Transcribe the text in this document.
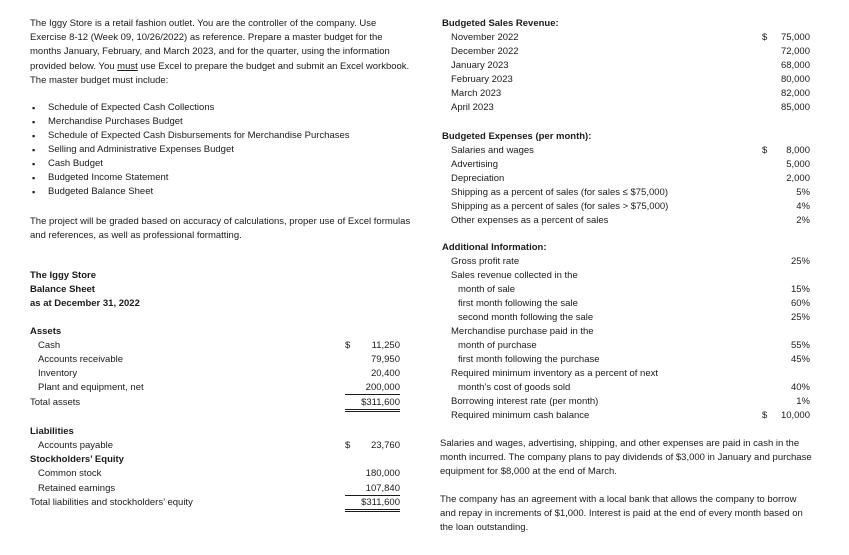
The Iggy Store is a retail fashion outlet. You are the controller of the company. Use Exercise 8-12 (Week 09, 10/26/2022) as reference. Prepare a master budget for the months January, February, and March 2023, and for the quarter, using the information provided below. You must use Excel to prepare the budget and submit an Excel workbook. The master budget must include:
▪ Schedule of Expected Cash Collections
▪ Merchandise Purchases Budget
▪ Schedule of Expected Cash Disbursements for Merchandise Purchases
▪ Selling and Administrative Expenses Budget
▪ Cash Budget
▪ Budgeted Income Statement
▪ Budgeted Balance Sheet
The project will be graded based on accuracy of calculations, proper use of Excel formulas and references, as well as professional formatting.
The Iggy Store
Balance Sheet
as at December 31, 2022
Assets
Cash	$ 11,250
Accounts receivable	79,950
Inventory	20,400
Plant and equipment, net	200,000
Total assets	$311,600
Liabilities
Accounts payable	$ 23,760
Stockholders’ Equity
Common stock	180,000
Retained earnings	107,840
Total liabilities and stockholders’ equity	$311,600
Budgeted Sales Revenue:
November 2022	$ 75,000
December 2022	72,000
January 2023	68,000
February 2023	80,000
March 2023	82,000
April 2023	85,000
Budgeted Expenses (per month):
Salaries and wages	$ 8,000
Advertising	5,000
Depreciation	2,000
Shipping as a percent of sales (for sales ≤ $75,000)	5%
Shipping as a percent of sales (for sales > $75,000)	4%
Other expenses as a percent of sales	2%
Additional Information:
Gross profit rate	25%
Sales revenue collected in the
month of sale	15%
first month following the sale	60%
second month following the sale	25%
Merchandise purchase paid in the
month of purchase	55%
first month following the purchase	45%
Required minimum inventory as a percent of next
month’s cost of goods sold	40%
Borrowing interest rate (per month)	1%
Required minimum cash balance	$ 10,000
Salaries and wages, advertising, shipping, and other expenses are paid in cash in the month incurred. The company plans to pay dividends of $3,000 in January and purchase equipment for $8,000 at the end of March.
The company has an agreement with a local bank that allows the company to borrow and repay in increments of $1,000. Interest is paid at the end of every month based on the loan outstanding.
